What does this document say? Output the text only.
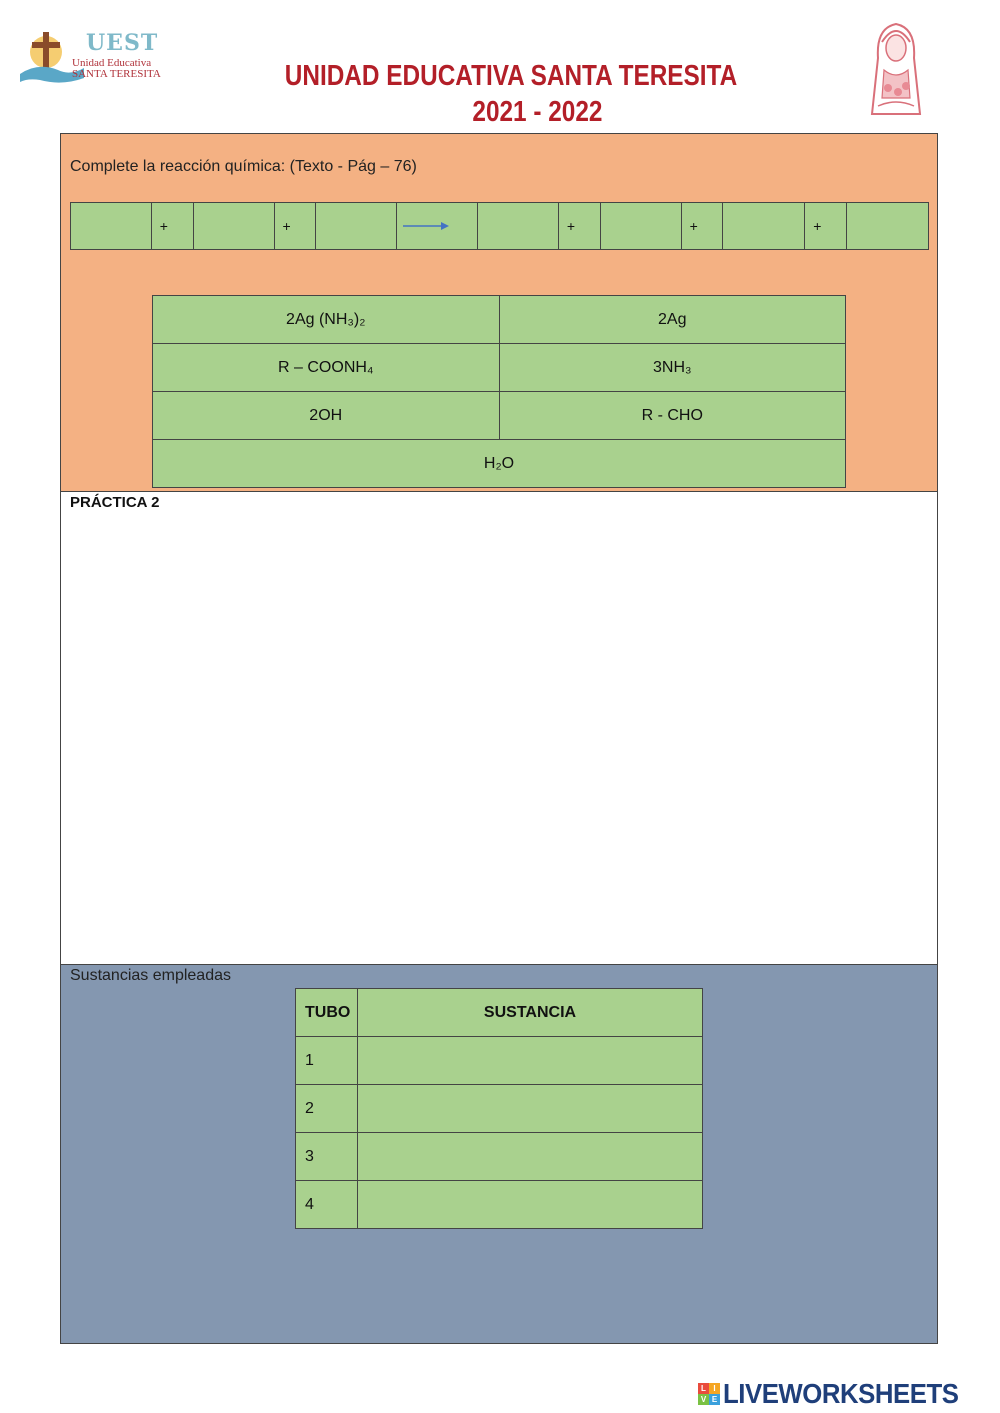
UEST
Unidad Educativa
SANTA TERESITA	UNIDAD EDUCATIVA SANTA TERESITA
2021 - 2022
Complete la reacción química: (Texto - Pág – 76)
+	+	+	+	+
2Ag (NH₃)₂	2Ag
R – COONH₄	3NH₃
2OH	R - CHO
H₂O	
PRÁCTICA 2
Sustancias empleadas
TUBO	SUSTANCIA
1	
2	
3	
4	
L I
V E LIVEWORKSHEETS
